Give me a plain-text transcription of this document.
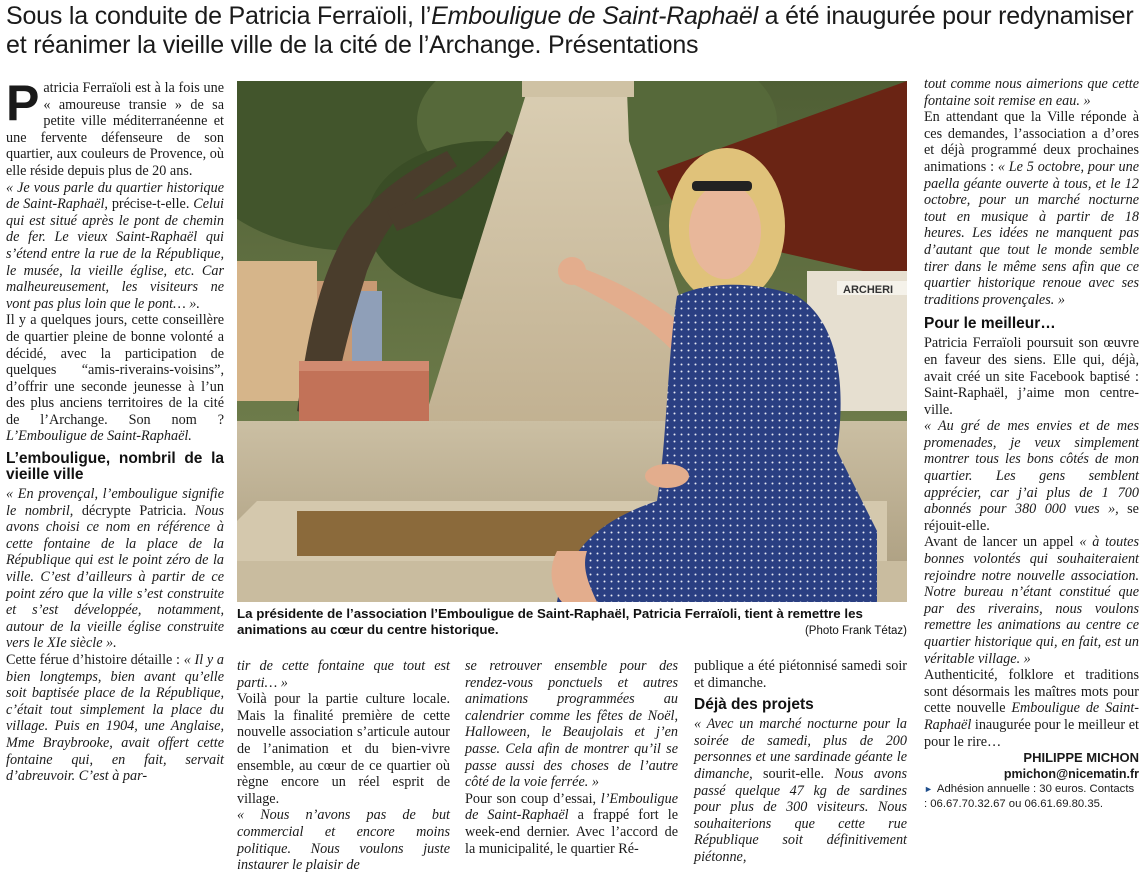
Sous la conduite de Patricia Ferraïoli, l’Embouligue de Saint-Raphaël a été inaugurée pour redynamiser et réanimer la vieille ville de la cité de l’Archange. Présentations

Patricia Ferraïoli est à la fois une « amoureuse transie » de sa petite ville méditerranéenne et une fervente défenseure de son quartier, aux couleurs de Provence, où elle réside depuis plus de 20 ans.

« Je vous parle du quartier historique de Saint-Raphaël, précise-t-elle. Celui qui est situé après le pont de chemin de fer. Le vieux Saint-Raphaël qui s’étend entre la rue de la République, le musée, la vieille église, etc. Car malheureusement, les visiteurs ne vont pas plus loin que le pont… ».

Il y a quelques jours, cette conseillère de quartier pleine de bonne volonté a décidé, avec la participation de quelques “amis-riverains-voisins”, d’offrir une seconde jeunesse à l’un des plus anciens territoires de la cité de l’Archange. Son nom ? L’Embouligue de Saint-Raphaël.

L’embouligue, nombril de la vieille ville

« En provençal, l’embouligue signifie le nombril, décrypte Patricia. Nous avons choisi ce nom en référence à cette fontaine de la place de la République qui est le point zéro de la ville. C’est d’ailleurs à partir de ce point zéro que la ville s’est construite et s’est développée, notamment, autour de la vieille église construite vers le XIe siècle ».

Cette férue d’histoire détaille : « Il y a bien longtemps, bien avant qu’elle soit baptisée place de la République, c’était tout simplement la place du village. Puis en 1904, une Anglaise, Mme Braybrooke, avait offert cette fontaine qui, en fait, servait d’abreuvoir. C’est à par-

ARCHERI
La présidente de l’association l’Embouligue de Saint-Raphaël, Patricia Ferraïoli, tient à remettre les animations au cœur du centre historique.	(Photo Frank Tétaz)

tir de cette fontaine que tout est parti… »

Voilà pour la partie culture locale. Mais la finalité première de cette nouvelle association s’articule autour de l’animation et du bien-vivre ensemble, au cœur de ce quartier où règne encore un réel esprit de village.

« Nous n’avons pas de but commercial et encore moins politique. Nous voulons juste instaurer le plaisir de

se retrouver ensemble pour des rendez-vous ponctuels et autres animations programmées au calendrier comme les fêtes de Noël, Halloween, le Beaujolais et j’en passe. Cela afin de montrer qu’il se passe aussi des choses de l’autre côté de la voie ferrée. »

Pour son coup d’essai, l’Embouligue de Saint-Raphaël a frappé fort le week-end dernier. Avec l’accord de la municipalité, le quartier Ré-

publique a été piétonnisé samedi soir et dimanche.

Déjà des projets

« Avec un marché nocturne pour la soirée de samedi, plus de 200 personnes et une sardinade géante le dimanche, sourit-elle. Nous avons passé quelque 47 kg de sardines pour plus de 300 visiteurs. Nous souhaiterions que cette rue République soit définitivement piétonne,

tout comme nous aimerions que cette fontaine soit remise en eau. »

En attendant que la Ville réponde à ces demandes, l’association a d’ores et déjà programmé deux prochaines animations : « Le 5 octobre, pour une paella géante ouverte à tous, et le 12 octobre, pour un marché nocturne tout en musique à partir de 18 heures. Les idées ne manquent pas d’autant que tout le monde semble tirer dans le même sens afin que ce quartier historique renoue avec ses traditions provençales. »

Pour le meilleur…

Patricia Ferraïoli poursuit son œuvre en faveur des siens. Elle qui, déjà, avait créé un site Facebook baptisé : Saint-Raphaël, j’aime mon centre-ville.

« Au gré de mes envies et de mes promenades, je veux simplement montrer tous les bons côtés de mon quartier. Les gens semblent apprécier, car j’ai plus de 1 700 abonnés pour 380 000 vues », se réjouit-elle.

Avant de lancer un appel « à toutes bonnes volontés qui souhaiteraient rejoindre notre nouvelle association. Notre bureau n’étant constitué que par des riverains, nous voulons remettre les animations au centre ce quartier historique qui, en fait, est un véritable village. »

Authenticité, folklore et traditions sont désormais les maîtres mots pour cette nouvelle Embouligue de Saint-Raphaël inaugurée pour le meilleur et pour le rire…

PHILIPPE MICHON
pmichon@nicematin.fr
► Adhésion annuelle : 30 euros. Contacts : 06.67.70.32.67 ou 06.61.69.80.35.
